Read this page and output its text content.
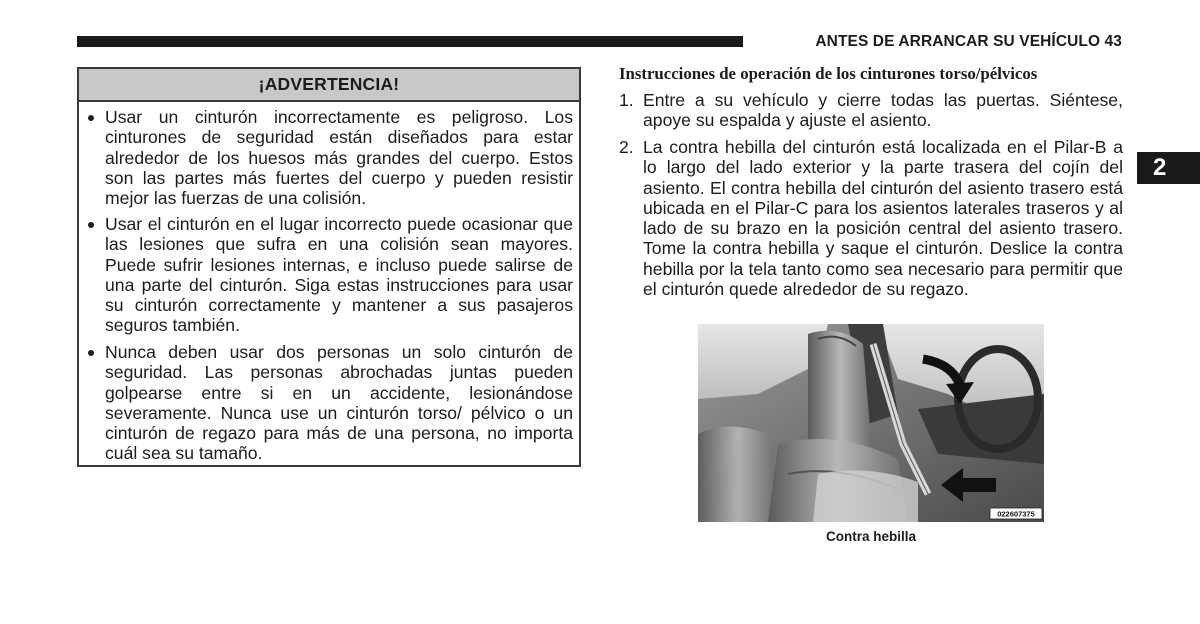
ANTES DE ARRANCAR SU VEHÍCULO 43
2
¡ADVERTENCIA!
Usar un cinturón incorrectamente es peligroso. Los cinturones de seguridad están diseñados para estar alrededor de los huesos más grandes del cuerpo. Estos son las partes más fuertes del cuerpo y pueden resistir mejor las fuerzas de una colisión.
Usar el cinturón en el lugar incorrecto puede ocasionar que las lesiones que sufra en una colisión sean mayores. Puede sufrir lesiones internas, e incluso puede salirse de una parte del cinturón. Siga estas instrucciones para usar su cinturón correctamente y mantener a sus pasajeros seguros también.
Nunca deben usar dos personas un solo cinturón de seguridad. Las personas abrochadas juntas pueden golpearse entre si en un accidente, lesionándose severamente. Nunca use un cinturón torso/ pélvico o un cinturón de regazo para más de una persona, no importa cuál sea su tamaño.
Instrucciones de operación de los cinturones torso/pélvicos
1. Entre a su vehículo y cierre todas las puertas. Siéntese, apoye su espalda y ajuste el asiento.
2. La contra hebilla del cinturón está localizada en el Pilar-B a lo largo del lado exterior y la parte trasera del cojín del asiento. El contra hebilla del cinturón del asiento trasero está ubicada en el Pilar-C para los asientos laterales traseros y al lado de su brazo en la posición central del asiento trasero. Tome la contra hebilla y saque el cinturón. Deslice la contra hebilla por la tela tanto como sea necesario para permitir que el cinturón quede alrededor de su regazo.
022607375
Contra hebilla
